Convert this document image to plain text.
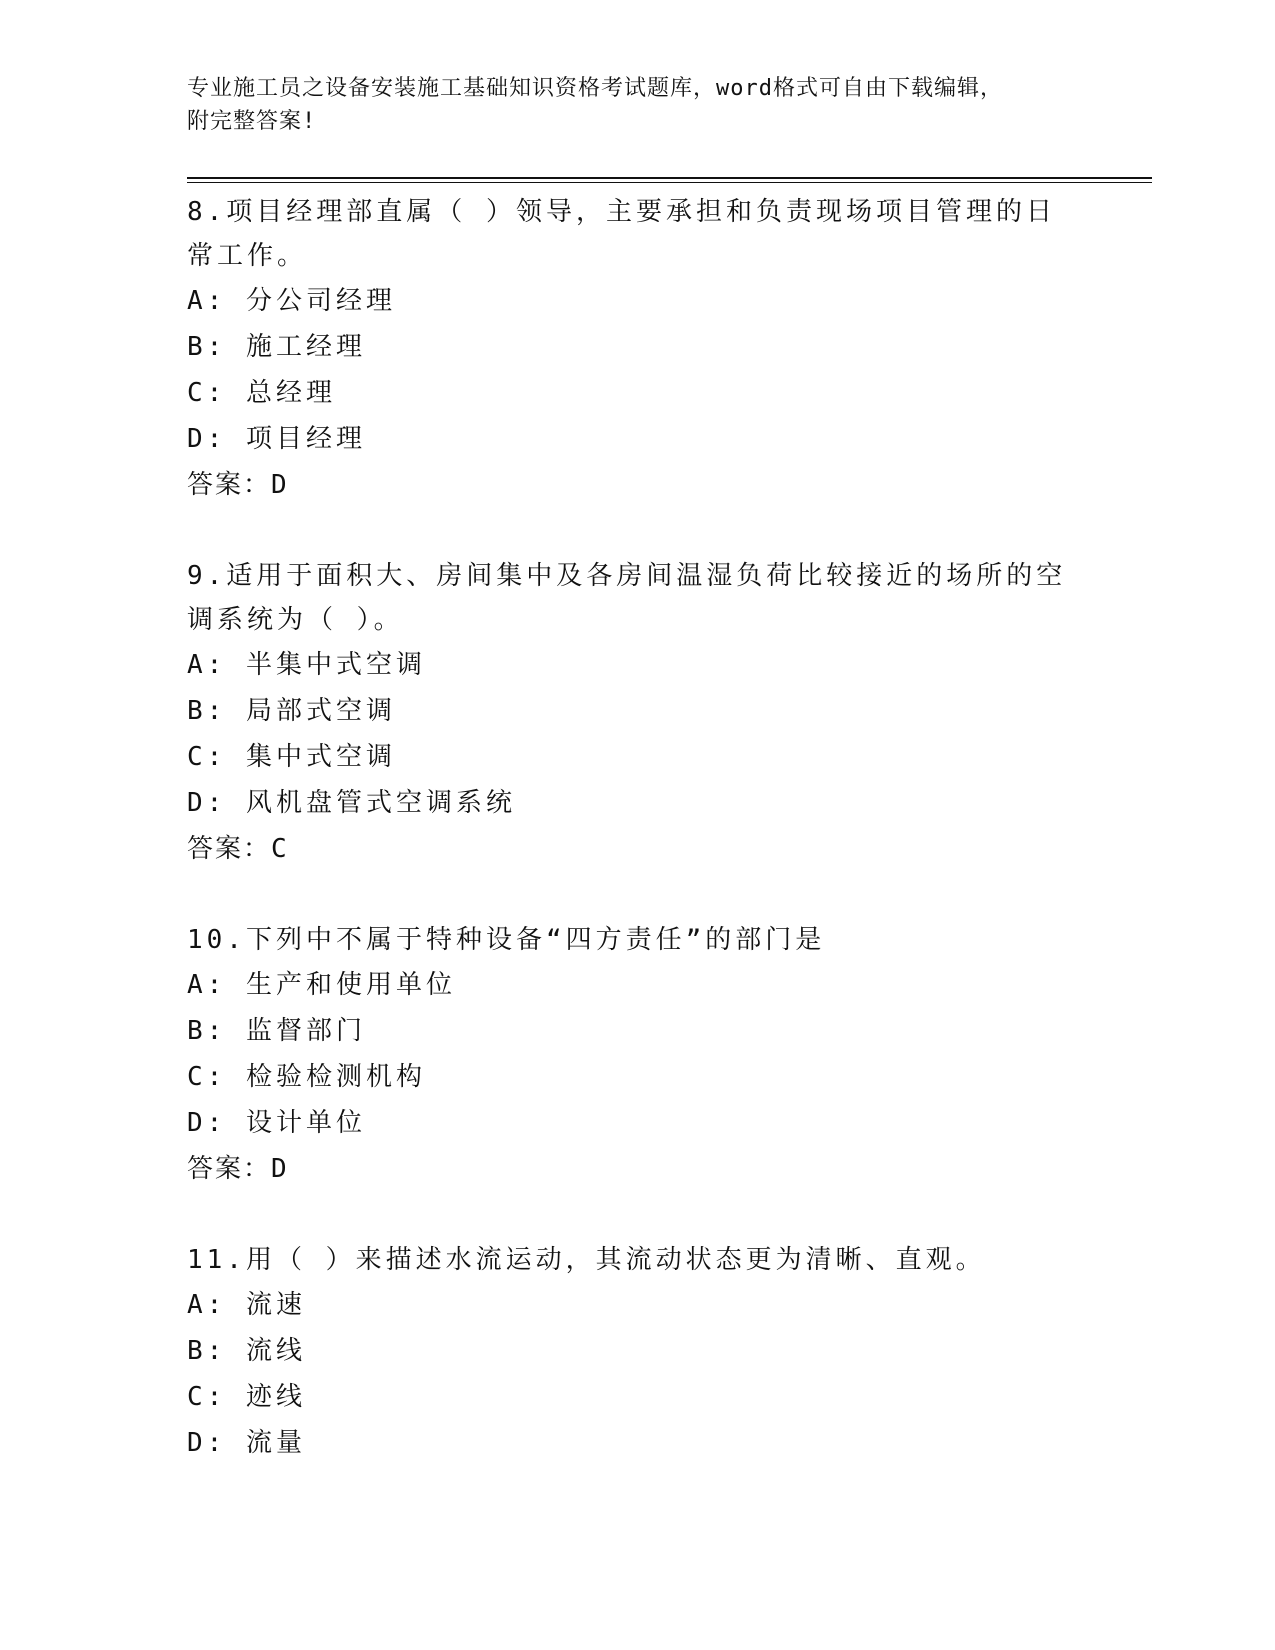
专业施工员之设备安装施工基础知识资格考试题库，word格式可自由下载编辑，
附完整答案!
8.项目经理部直属（ ）领导，主要承担和负责现场项目管理的日常工作。
A: 分公司经理
B: 施工经理
C: 总经理
D: 项目经理
答案：D
9.适用于面积大、房间集中及各房间温湿负荷比较接近的场所的空调系统为（ ）。
A: 半集中式空调
B: 局部式空调
C: 集中式空调
D: 风机盘管式空调系统
答案：C
10.下列中不属于特种设备“四方责任”的部门是
A: 生产和使用单位
B: 监督部门
C: 检验检测机构
D: 设计单位
答案：D
11.用（ ）来描述水流运动，其流动状态更为清晰、直观。
A: 流速
B: 流线
C: 迹线
D: 流量
